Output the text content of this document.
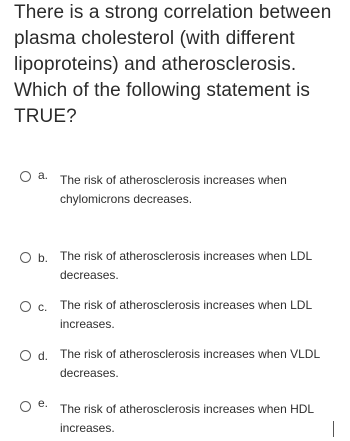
There is a strong correlation between plasma cholesterol (with different lipoproteins) and atherosclerosis. Which of the following statement is TRUE?
a. The risk of atherosclerosis increases when chylomicrons decreases.
b. The risk of atherosclerosis increases when LDL decreases.
c.	The risk of atherosclerosis increases when LDL increases.
d. The risk of atherosclerosis increases when VLDL decreases.
e. The risk of atherosclerosis increases when HDL increases.
